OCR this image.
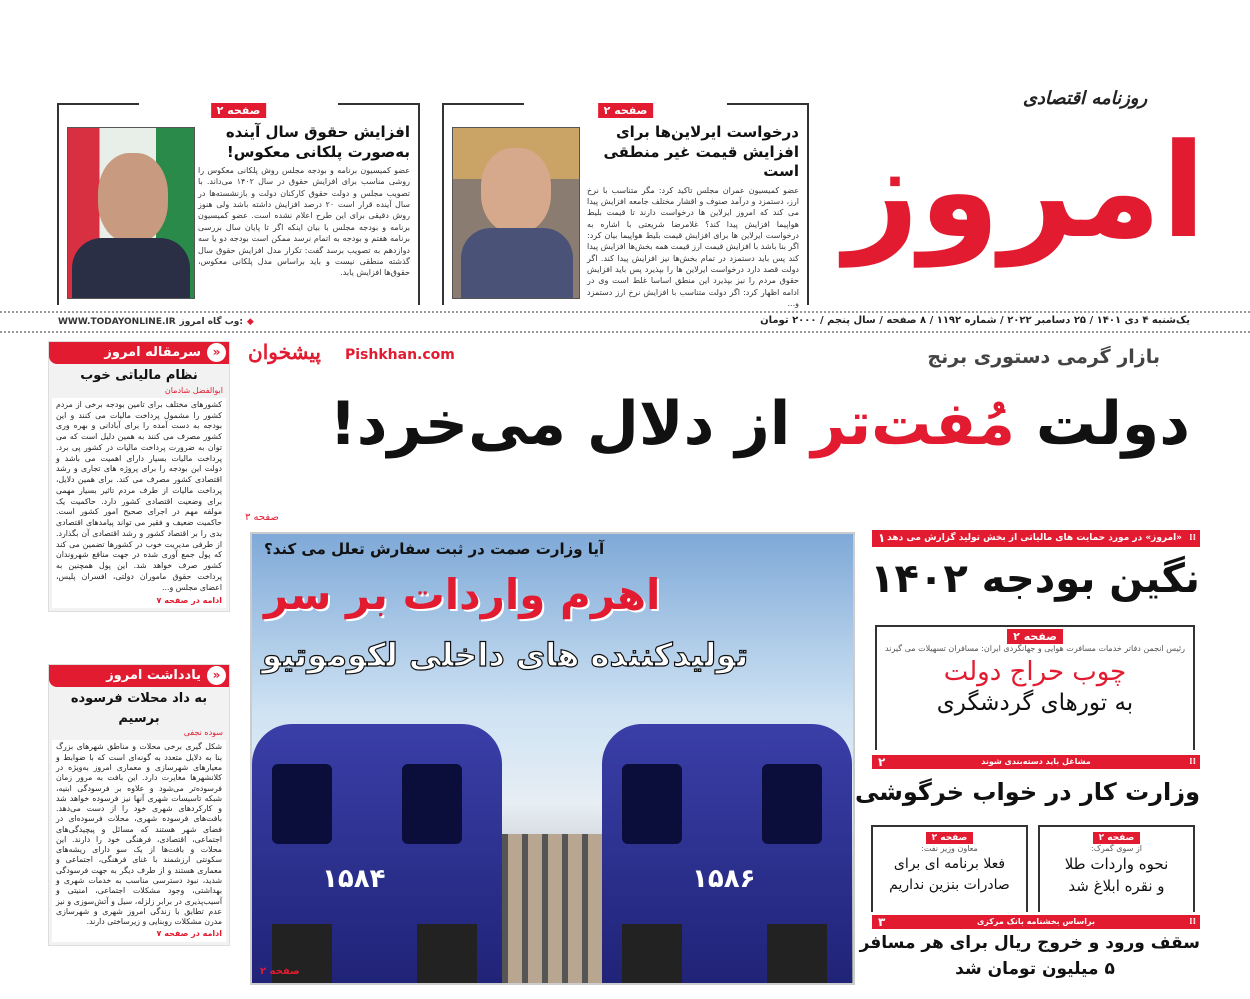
امروز
روزنامه اقتصادی
صفحه ۲
درخواست ایرلاین‌ها برای افزایش قیمت غیر منطقی است

عضو کمیسیون عمران مجلس تاکید کرد: مگر متناسب با نرخ ارز، دستمزد و درآمد صنوف و اقشار مختلف جامعه افزایش پیدا می کند که امروز ایرلاین ها درخواست دارند تا قیمت بلیط هواپیما افزایش پیدا کند؟ غلامرضا شریعتی با اشاره به درخواست ایرلاین ها برای افزایش قیمت بلیط هواپیما بیان کرد: اگر بنا باشد با افزایش قیمت ارز قیمت همه بخش‌ها افزایش پیدا کند پس باید دستمزد در تمام بخش‌ها نیز افزایش پیدا کند. اگر دولت قصد دارد درخواست ایرلاین ها را بپذیرد پس باید افزایش حقوق مردم را نیز بپذیرد این منطق اساسا غلط است وی در ادامه اظهار کرد: اگر دولت متناسب با افزایش نرخ ارز دستمزد و...

صفحه ۲
افزایش حقوق سال آینده به‌صورت پلکانی معکوس!

عضو کمیسیون برنامه و بودجه مجلس روش پلکانی معکوس را روشی مناسب برای افزایش حقوق در سال ۱۴۰۲ می‌داند. با تصویب مجلس و دولت حقوق کارکنان دولت و بازنشسته‌ها در سال آینده قرار است ۲۰ درصد افزایش داشته باشد ولی هنوز روش دقیقی برای این طرح اعلام نشده است. عضو کمیسیون برنامه و بودجه مجلس با بیان اینکه اگر تا پایان سال بررسی برنامه هفتم و بودجه به اتمام نرسد ممکن است بودجه دو یا سه دوازدهم به تصویب برسد گفت: تکرار مدل افزایش حقوق سال گذشته منطقی نیست و باید براساس مدل پلکانی معکوس، حقوق‌ها افزایش یابد.

یک‌شنبه ۴ دی ۱۴۰۱ / ۲۵ دسامبر ۲۰۲۲ / شماره ۱۱۹۲ / ۸ صفحه / سال پنجم / ۲۰۰۰ تومان
WWW.TODAYONLINE.IR وب گاه امروز: ◆
«
سرمقاله امروز
نظام مالیاتی خوب
ابوالفضل شادمان
کشورهای مختلف برای تامین بودجه برخی از مردم کشور را مشمول پرداخت مالیات می کنند و این بودجه به دست آمده را برای آبادانی و بهره وری کشور مصرف می کنند به همین دلیل است که می توان به ضرورت پرداخت مالیات در کشور پی برد. پرداخت مالیات بسیار دارای اهمیت می باشد و دولت این بودجه را برای پروژه های تجاری و رشد اقتصادی کشور مصرف می کند. برای همین دلایل، پرداخت مالیات از طرف مردم تاثیر بسیار مهمی برای وضعیت اقتصادی کشور دارد. حاکمیت یک مولفه مهم در اجرای صحیح امور کشور است. حاکمیت ضعیف و فقیر می تواند پیامدهای اقتصادی بدی را بر اقتصاد کشور و رشد اقتصادی آن بگذارد. از طرفی مدیریت خوب در کشورها تضمین می کند که پول جمع آوری شده در جهت منافع شهروندان کشور صرف خواهد شد. این پول همچنین به پرداخت حقوق ماموران دولتی، افسران پلیس، اعضای مجلس و...
ادامه در صفحه ۷
«
یادداشت امروز
به داد محلات فرسوده برسیم
سوده نجفی
شکل گیری برخی محلات و مناطق شهرهای بزرگ بنا به دلایل متعدد به گونه‌ای است که با ضوابط و معیارهای شهرسازی و معماری امروز به‌ویژه در کلانشهرها مغایرت دارد. این بافت به مرور زمان فرسوده‌تر می‌شود و علاوه بر فرسودگی ابنیه، شبکه تاسیسات شهری آنها نیز فرسوده خواهد شد و کارکردهای شهری خود را از دست می‌دهد. بافت‌های فرسوده شهری، محلات فرسوده‌ای در فضای شهر هستند که مسائل و پیچیدگی‌های اجتماعی، اقتصادی، فرهنگی خود را دارند. این محلات و بافت‌ها از یک سو دارای ریشه‌های سکونتی ارزشمند با غنای فرهنگی، اجتماعی و معماری هستند و از طرف دیگر به جهت فرسودگی شدید، نبود دسترسی مناسب به خدمات شهری و بهداشتی، وجود مشکلات اجتماعی، امنیتی و آسیب‌پذیری در برابر زلزله، سیل و آتش‌سوزی و نیز عدم تطابق با زندگی امروز شهری و شهرسازی مدرن مشکلات روبنایی و زیرساختی دارند.
ادامه در صفحه ۷
بازار گرمی دستوری برنج
دولت مُفت‌تر از دلال می‌خرد!
صفحه ۳
پیشخوان Pishkhan.com
۱۵۸۴	۱۵۸۶
آیا وزارت صمت در ثبت سفارش تعلل می کند؟
اهرم واردات بر سر
تولیدکننده های داخلی لکوموتیو
صفحه ۲
⁞⁞
«امروز» در مورد حمایت های مالیاتی از بخش تولید گزارش می دهد
۱
نگین بودجه ۱۴۰۲
صفحه ۲
رئیس انجمن دفاتر خدمات مسافرت هوایی و جهانگردی ایران: مسافران تسهیلات می گیرند
چوب حراج دولت
به تورهای گردشگری
⁞⁞
مشاغل باید دسته‌بندی شوند
۲
وزارت کار در خواب خرگوشی
صفحه ۲
از سوی گمرک:
نحوه واردات طلا
و نقره ابلاغ شد
صفحه ۲
معاون وزیر نفت:
فعلا برنامه ای برای
صادرات بنزین نداریم
⁞⁞
براساس بخشنامه بانک مرکزی
۳
سقف ورود و خروج ریال برای هر مسافر
۵ میلیون تومان شد
